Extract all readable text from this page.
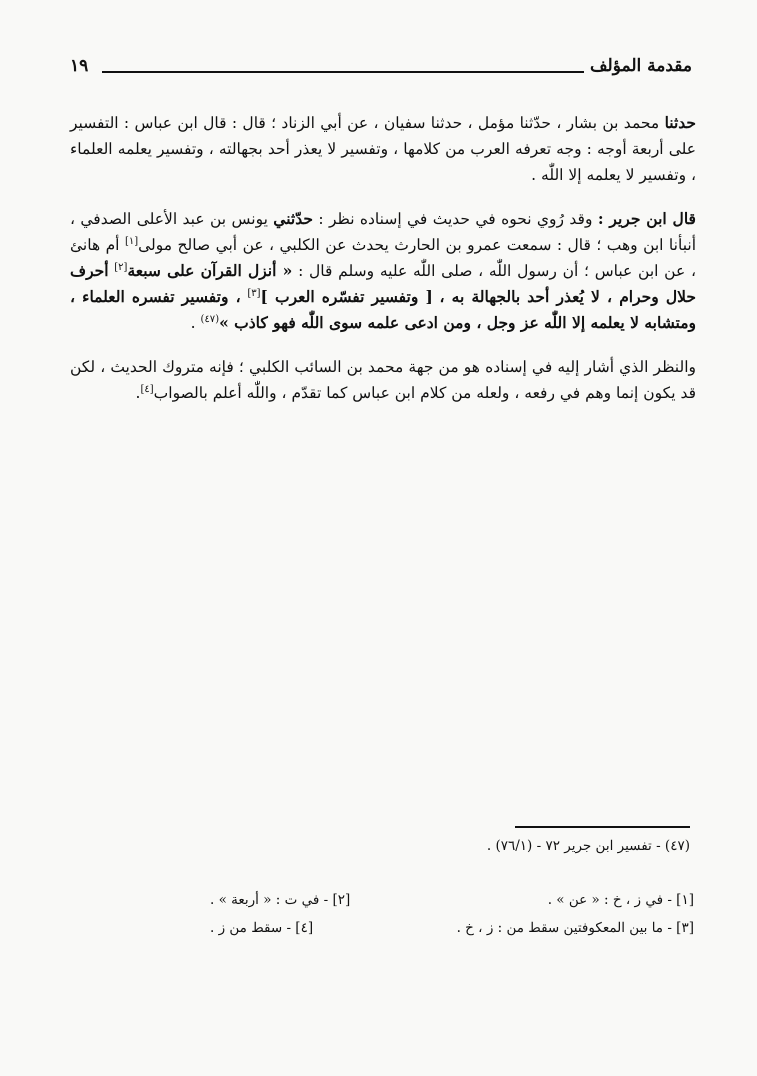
مقدمة المؤلف
١٩

حدثنا محمد بن بشار ، حدّثنا مؤمل ، حدثنا سفيان ، عن أبي الزناد ؛ قال : قال ابن عباس : التفسير على أربعة أوجه : وجه تعرفه العرب من كلامها ، وتفسير لا يعذر أحد بجهالته ، وتفسير يعلمه العلماء ، وتفسير لا يعلمه إلا اللّٰه .

قال ابن جرير : وقد رُوي نحوه في حديث في إسناده نظر : حدّثني يونس بن عبد الأعلى الصدفي ، أنبأنا ابن وهب ؛ قال : سمعت عمرو بن الحارث يحدث عن الكلبي ، عن أبي صالح مولى[١] أم هانئ ، عن ابن عباس ؛ أن رسول اللّٰه ، صلى اللّٰه عليه وسلم قال : « أنزل القرآن على سبعة[٢] أحرف حلال وحرام ، لا يُعذر أحد بالجهالة به ، [ وتفسير تفسّره العرب ][٣] ، وتفسير تفسره العلماء ، ومتشابه لا يعلمه إلا اللّٰه عز وجل ، ومن ادعى علمه سوى اللّٰه فهو كاذب »$^{(٤٧)}$ .

والنظر الذي أشار إليه في إسناده هو من جهة محمد بن السائب الكلبي ؛ فإنه متروك الحديث ، لكن قد يكون إنما وهم في رفعه ، ولعله من كلام ابن عباس كما تقدّم ، واللّٰه أعلم بالصواب[٤].

(٤٧) - تفسير ابن جرير ٧٢ - (٧٦/١) .
[١] - في ز ، خ : « عن » .
[٢] - في ت : « أربعة » .
[٣] - ما بين المعكوفتين سقط من : ز ، خ .
[٤] - سقط من ز .
